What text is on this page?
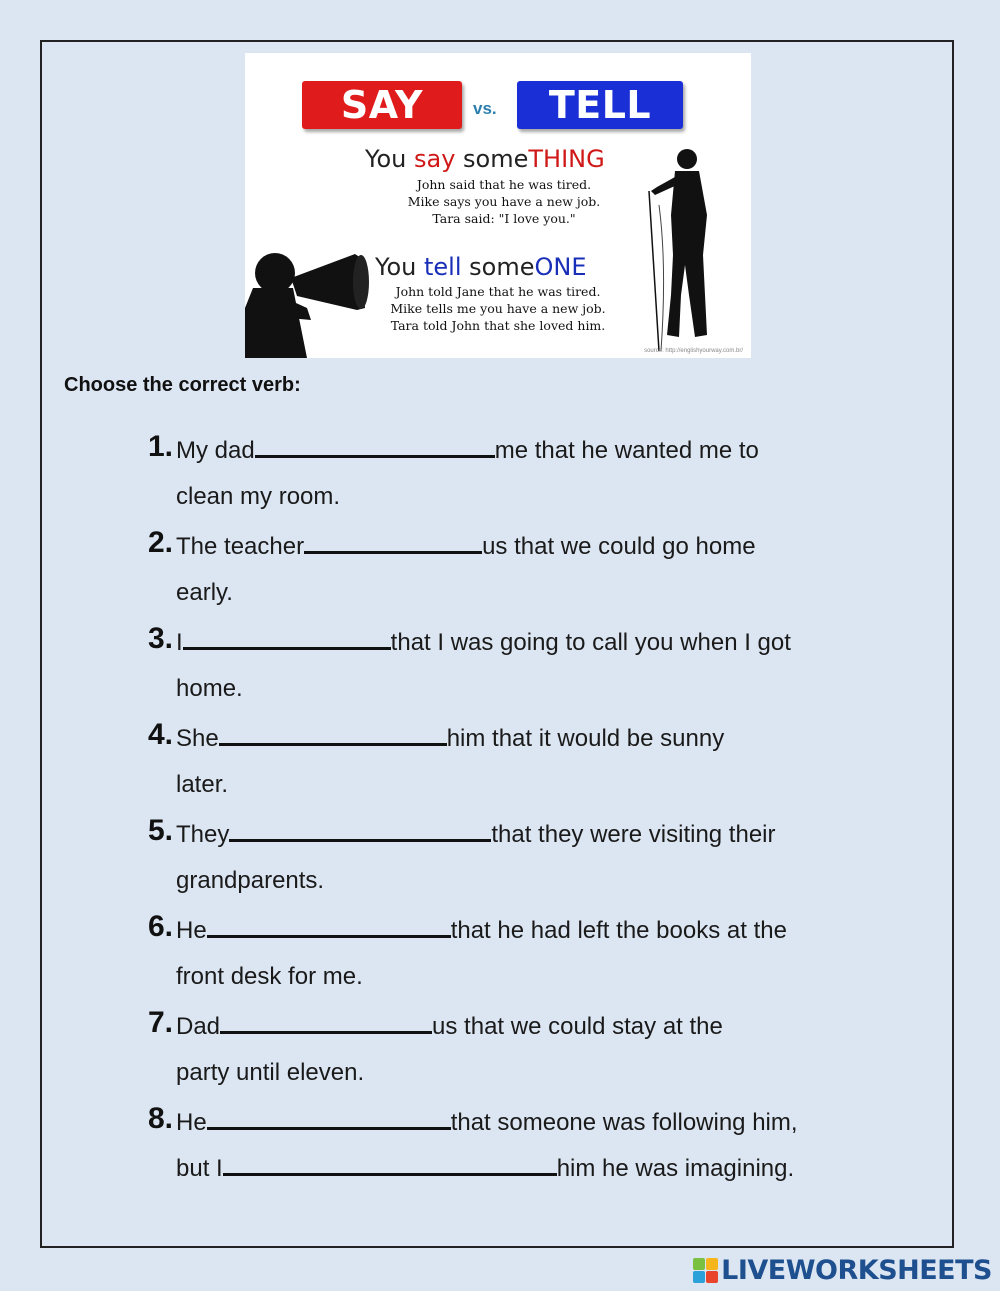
SAY	vs.	TELL
You say someTHING
John said that he was tired.
Mike says you have a new job.
Tara said: "I love you."
You tell someONE
John told Jane that he was tired.
Mike tells me you have a new job.
Tara told John that she loved him.
source: http://englishyourway.com.br/
Choose the correct verb:
1. My dad	me that he wanted me to
clean my room.
2. The teacher	us that we could go home
early.
3. I	that I was going to call you when I got
home.
4. She	him that it would be sunny
later.
5. They	that they were visiting their
grandparents.
6. He	that he had left the books at the
front desk for me.
7. Dad	us that we could stay at the
party until eleven.
8. He	that someone was following him,
but I	him he was imagining.
LIVEWORKSHEETS
